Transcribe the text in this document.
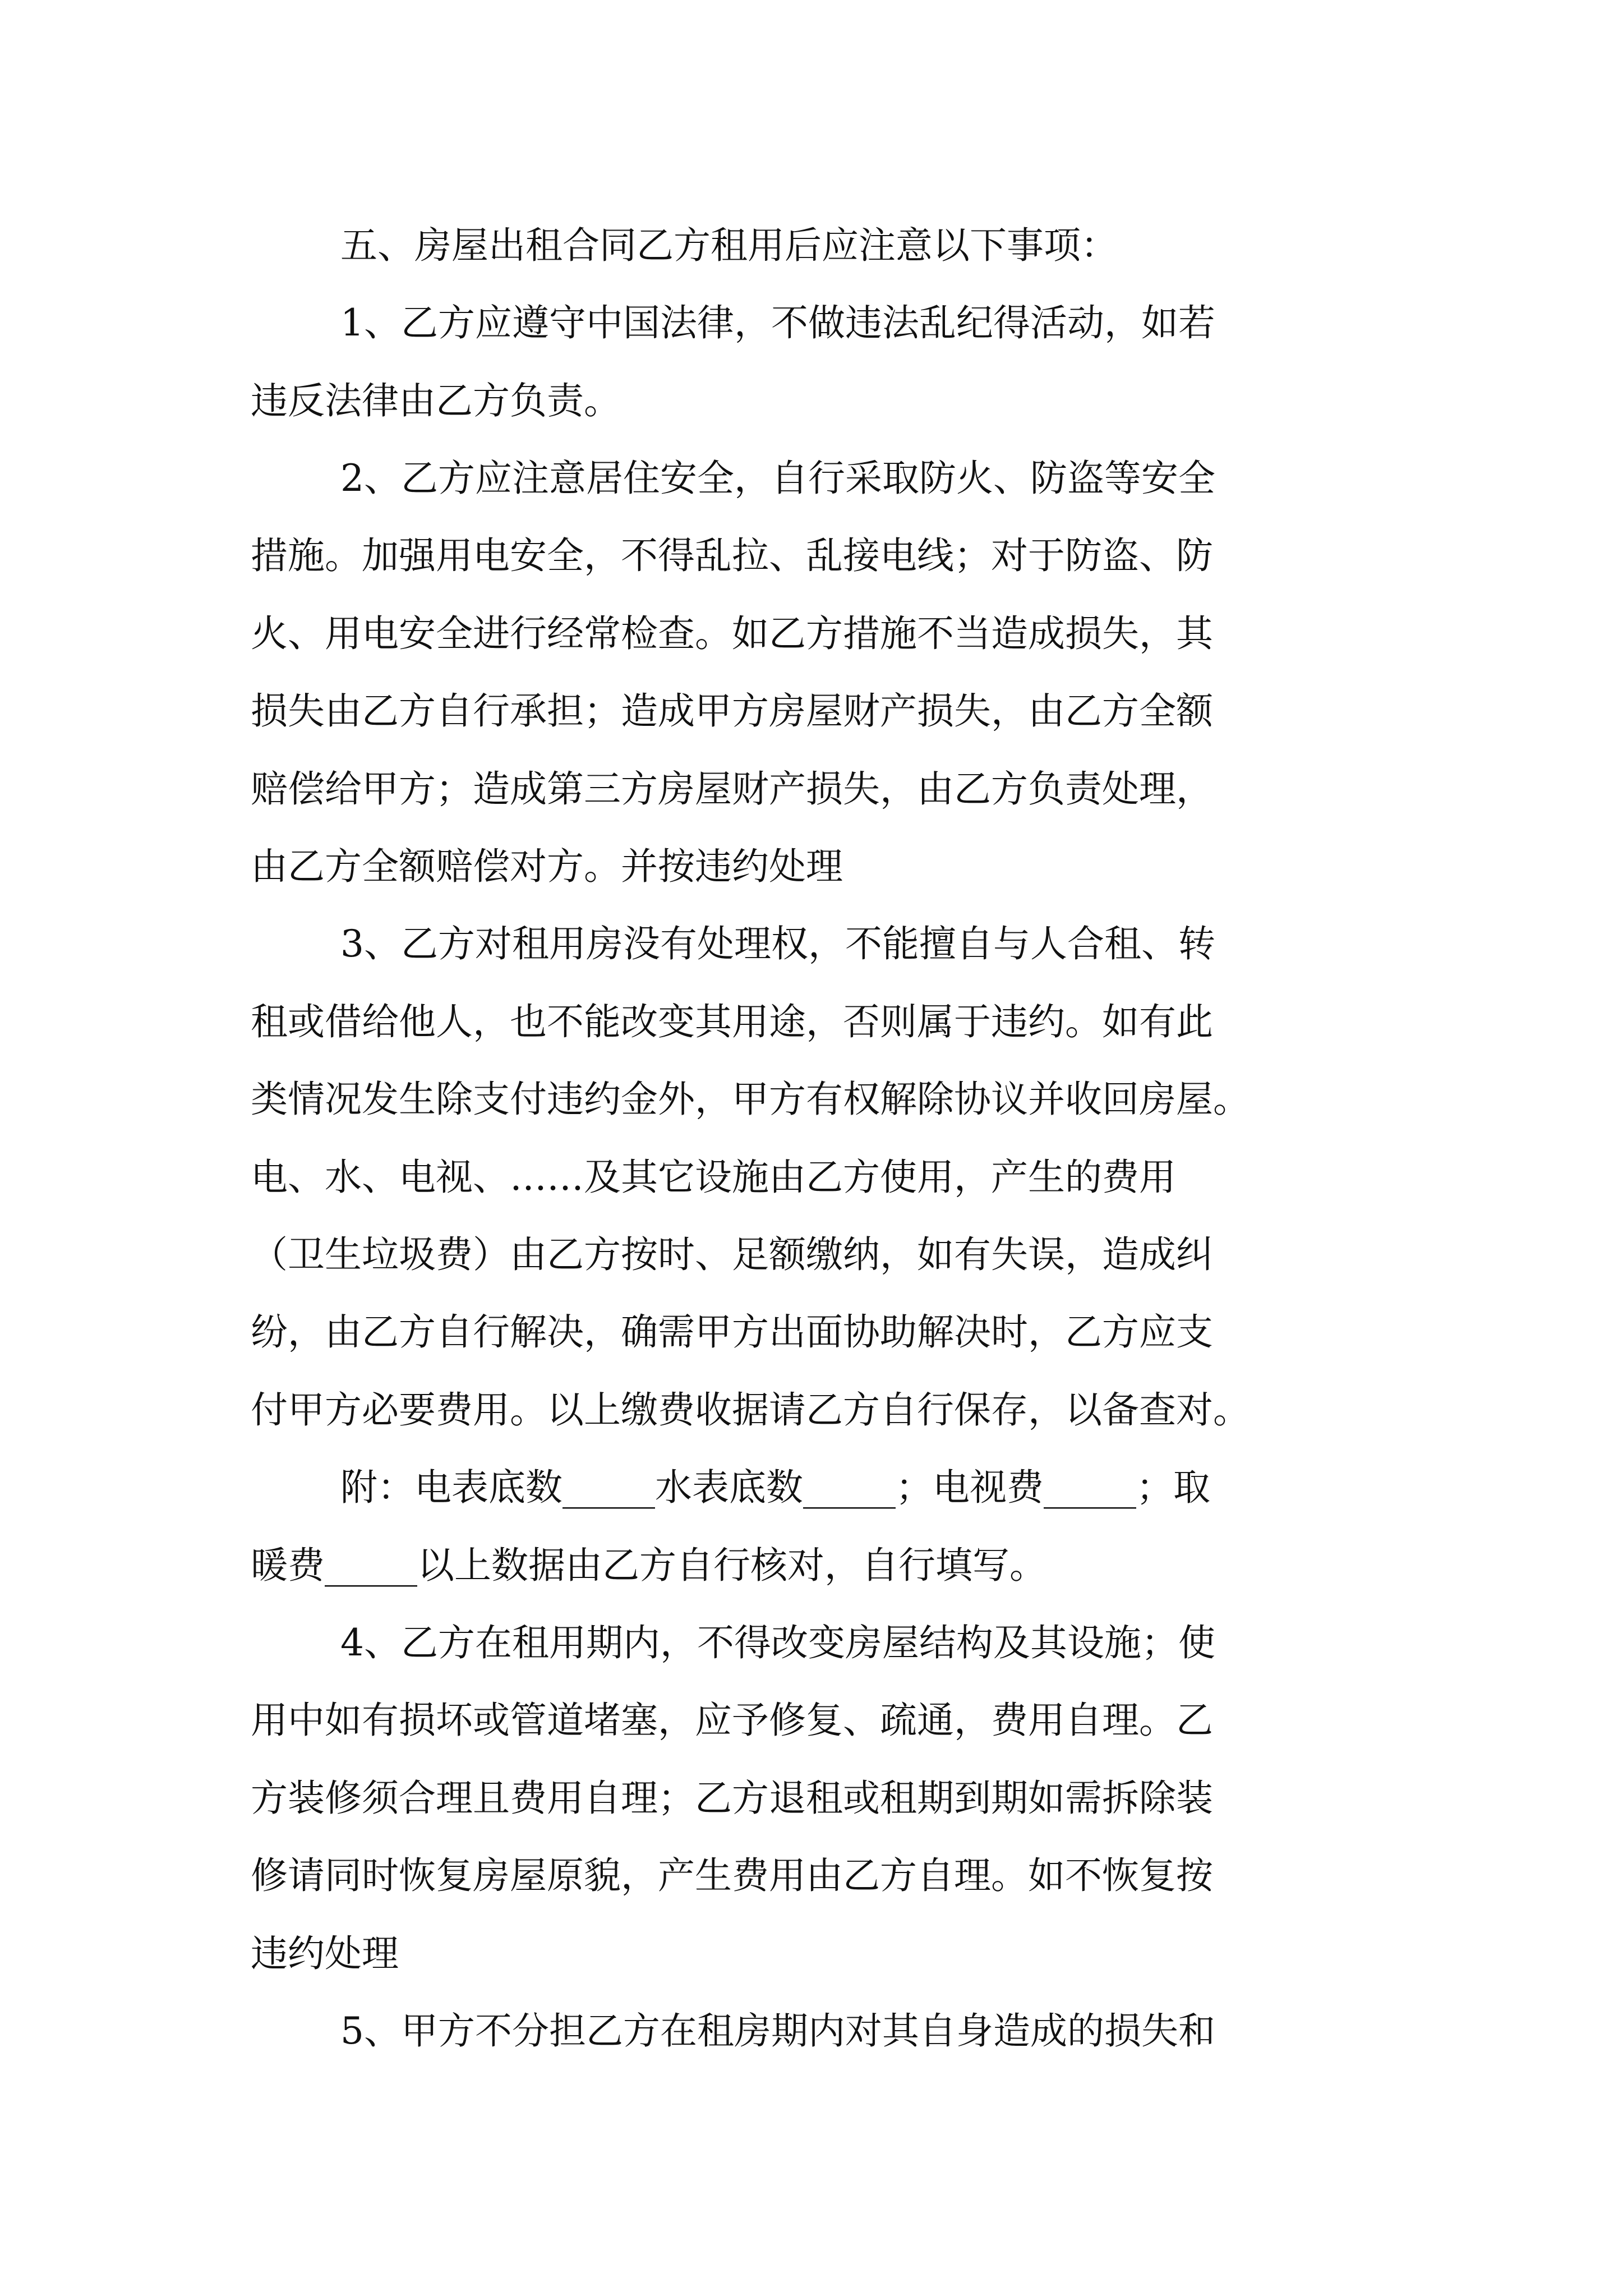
五、房屋出租合同乙方租用后应注意以下事项：

1、乙方应遵守中国法律，不做违法乱纪得活动，如若

违反法律由乙方负责。

2、乙方应注意居住安全，自行采取防火、防盗等安全

措施。加强用电安全，不得乱拉、乱接电线；对于防盗、防

火、用电安全进行经常检查。如乙方措施不当造成损失，其

损失由乙方自行承担；造成甲方房屋财产损失，由乙方全额

赔偿给甲方；造成第三方房屋财产损失，由乙方负责处理，

由乙方全额赔偿对方。并按违约处理

3、乙方对租用房没有处理权，不能擅自与人合租、转

租或借给他人，也不能改变其用途，否则属于违约。如有此

类情况发生除支付违约金外，甲方有权解除协议并收回房屋。

电、水、电视、……及其它设施由乙方使用，产生的费用

（卫生垃圾费）由乙方按时、足额缴纳，如有失误，造成纠

纷，由乙方自行解决，确需甲方出面协助解决时，乙方应支

付甲方必要费用。以上缴费收据请乙方自行保存，以备查对。

附：电表底数_____水表底数_____；电视费_____；取

暖费_____以上数据由乙方自行核对，自行填写。

4、乙方在租用期内，不得改变房屋结构及其设施；使

用中如有损坏或管道堵塞，应予修复、疏通，费用自理。乙

方装修须合理且费用自理；乙方退租或租期到期如需拆除装

修请同时恢复房屋原貌，产生费用由乙方自理。如不恢复按

违约处理

5、甲方不分担乙方在租房期内对其自身造成的损失和
